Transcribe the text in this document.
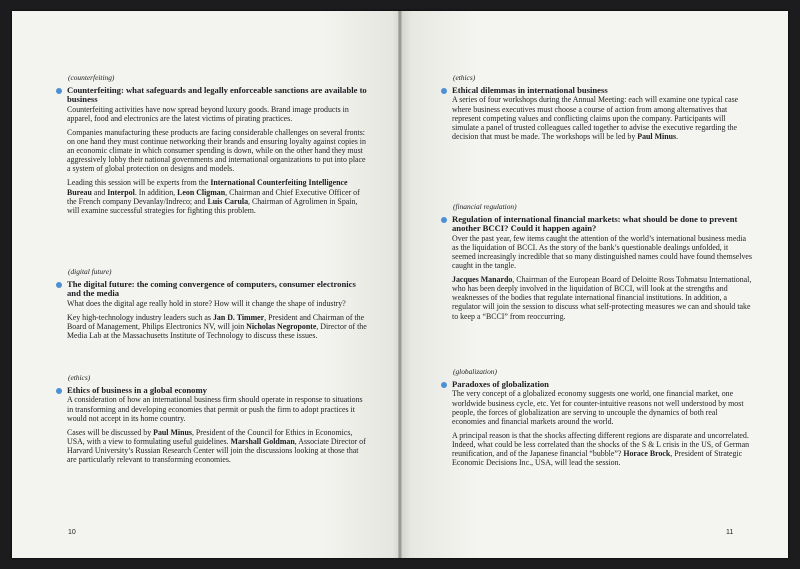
(counterfeiting)
Counterfeiting: what safeguards and legally enforceable sanctions are available to business

Counterfeiting activities have now spread beyond luxury goods. Brand image products in apparel, food and electronics are the latest victims of pirating practices.

Companies manufacturing these products are facing considerable challenges on several fronts: on one hand they must continue networking their brands and ensuring loyalty against copies in an economic climate in which consumer spending is down, while on the other hand they must aggressively lobby their national governments and international organizations to put into place a system of global protection on designs and models.

Leading this session will be experts from the International Counterfeiting Intelligence Bureau and Interpol. In addition, Leon Cligman, Chairman and Chief Executive Officer of the French company Devanlay/Indreco; and Luis Carula, Chairman of Agrolimen in Spain, will examine successful strategies for fighting this problem.

(digital future)
The digital future: the coming convergence of computers, consumer electronics and the media

What does the digital age really hold in store? How will it change the shape of industry?

Key high-technology industry leaders such as Jan D. Timmer, President and Chairman of the Board of Management, Philips Electronics NV, will join Nicholas Negroponte, Director of the Media Lab at the Massachusetts Institute of Technology to discuss these issues.

(ethics)
Ethics of business in a global economy

A consideration of how an international business firm should operate in response to situations in transforming and developing economies that permit or push the firm to adopt practices it would not accept in its home country.

Cases will be discussed by Paul Minus, President of the Council for Ethics in Economics, USA, with a view to formulating useful guidelines. Marshall Goldman, Associate Director of Harvard University’s Russian Research Center will join the discussions looking at those that are particularly relevant to transforming economies.

10
(ethics)
Ethical dilemmas in international business

A series of four workshops during the Annual Meeting: each will examine one typical case where business executives must choose a course of action from among alternatives that represent competing values and conflicting claims upon the company. Participants will simulate a panel of trusted colleagues called together to advise the executive regarding the decision that must be made. The workshops will be led by Paul Minus.

(financial regulation)
Regulation of international financial markets: what should be done to prevent another BCCI? Could it happen again?

Over the past year, few items caught the attention of the world’s international business media as the liquidation of BCCI. As the story of the bank’s questionable dealings unfolded, it seemed increasingly incredible that so many distinguished names could have found themselves caught in the tangle.

Jacques Manardo, Chairman of the European Board of Deloitte Ross Tohmatsu International, who has been deeply involved in the liquidation of BCCI, will look at the strengths and weaknesses of the bodies that regulate international financial institutions. In addition, a regulator will join the session to discuss what self-protecting measures we can and should take to keep a “BCCI” from reoccurring.

(globalization)
Paradoxes of globalization

The very concept of a globalized economy suggests one world, one financial market, one worldwide business cycle, etc. Yet for counter-intuitive reasons not well understood by most people, the forces of globalization are serving to uncouple the dynamics of both real economies and financial markets around the world.

A principal reason is that the shocks affecting different regions are disparate and uncorrelated. Indeed, what could be less correlated than the shocks of the S & L crisis in the US, of German reunification, and of the Japanese financial “bubble”? Horace Brock, President of Strategic Economic Decisions Inc., USA, will lead the session.

11
